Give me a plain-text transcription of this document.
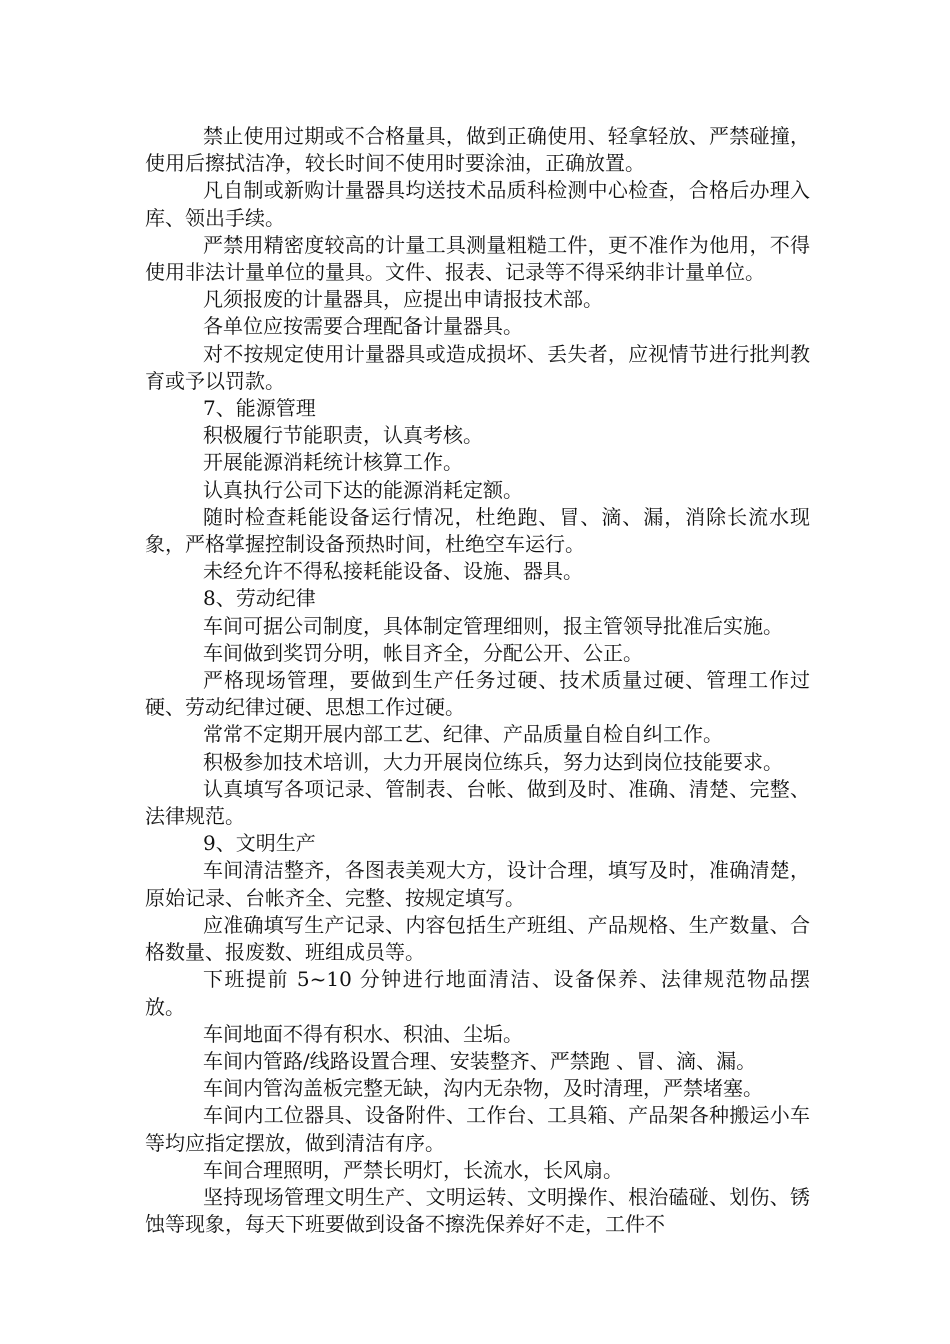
禁止使用过期或不合格量具，做到正确使用、轻拿轻放、严禁碰撞，使用后擦拭洁净，较长时间不使用时要涂油，正确放置。

凡自制或新购计量器具均送技术品质科检测中心检查，合格后办理入库、领出手续。

严禁用精密度较高的计量工具测量粗糙工件，更不准作为他用，不得使用非法计量单位的量具。文件、报表、记录等不得采纳非计量单位。

凡须报废的计量器具，应提出申请报技术部。

各单位应按需要合理配备计量器具。

对不按规定使用计量器具或造成损坏、丢失者，应视情节进行批判教育或予以罚款。

7、能源管理

积极履行节能职责，认真考核。

开展能源消耗统计核算工作。

认真执行公司下达的能源消耗定额。

随时检查耗能设备运行情况，杜绝跑、冒、滴、漏，消除长流水现象，严格掌握控制设备预热时间，杜绝空车运行。

未经允许不得私接耗能设备、设施、器具。

8、劳动纪律

车间可据公司制度，具体制定管理细则，报主管领导批准后实施。

车间做到奖罚分明，帐目齐全，分配公开、公正。

严格现场管理，要做到生产任务过硬、技术质量过硬、管理工作过硬、劳动纪律过硬、思想工作过硬。

常常不定期开展内部工艺、纪律、产品质量自检自纠工作。

积极参加技术培训，大力开展岗位练兵，努力达到岗位技能要求。

认真填写各项记录、管制表、台帐、做到及时、准确、清楚、完整、法律规范。

9、文明生产

车间清洁整齐，各图表美观大方，设计合理，填写及时，准确清楚，原始记录、台帐齐全、完整、按规定填写。

应准确填写生产记录、内容包括生产班组、产品规格、生产数量、合格数量、报废数、班组成员等。

下班提前 5~10 分钟进行地面清洁、设备保养、法律规范物品摆放。

车间地面不得有积水、积油、尘垢。

车间内管路/线路设置合理、安装整齐、严禁跑 、冒、滴、漏。

车间内管沟盖板完整无缺，沟内无杂物，及时清理，严禁堵塞。

车间内工位器具、设备附件、工作台、工具箱、产品架各种搬运小车等均应指定摆放，做到清洁有序。

车间合理照明，严禁长明灯，长流水，长风扇。

坚持现场管理文明生产、文明运转、文明操作、根治磕碰、划伤、锈蚀等现象，每天下班要做到设备不擦洗保养好不走，工件不
